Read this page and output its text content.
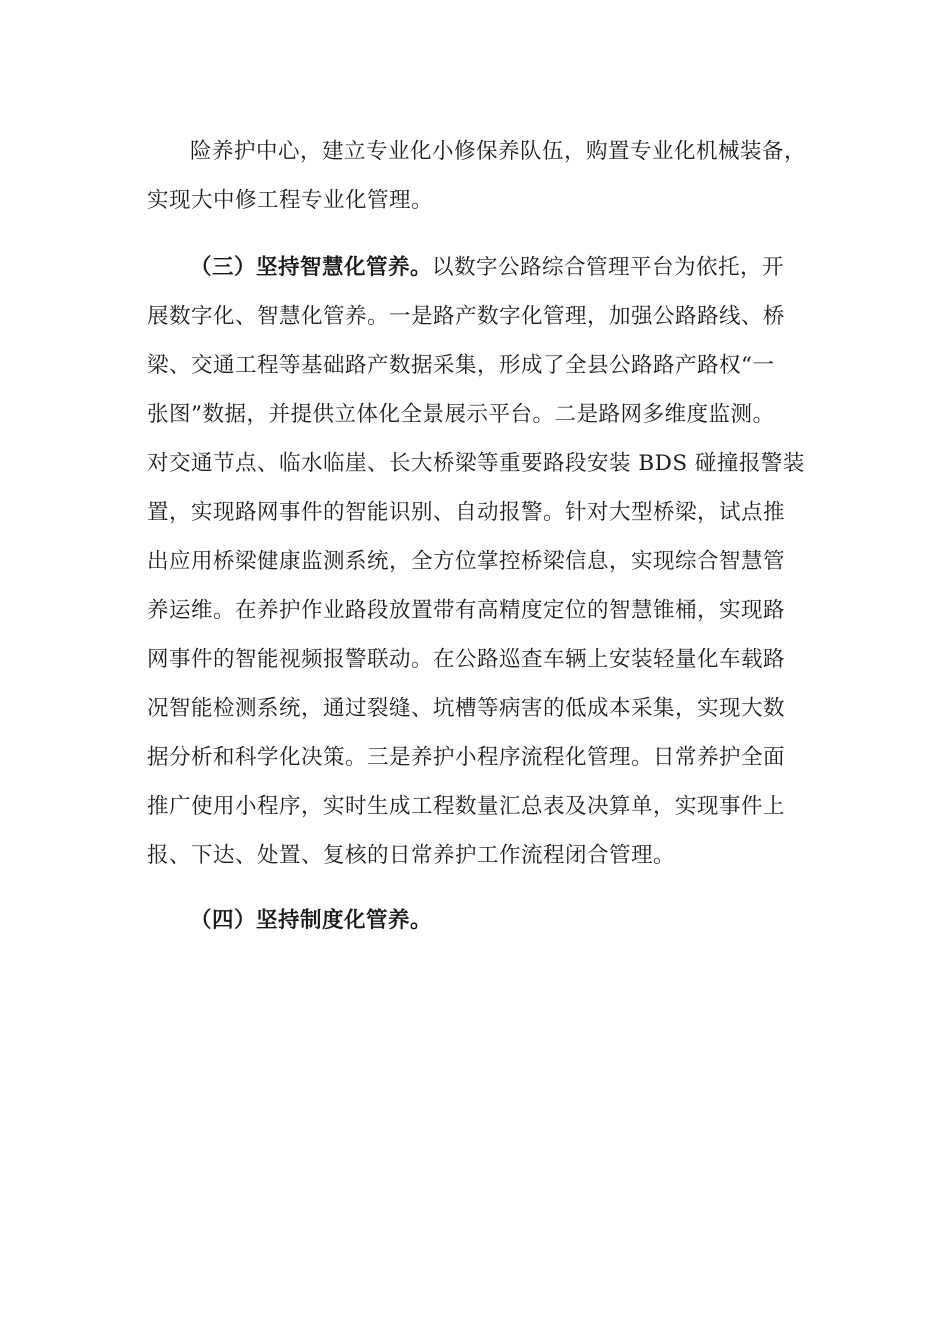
险养护中心，建立专业化小修保养队伍，购置专业化机械装备，
实现大中修工程专业化管理。
（三）坚持智慧化管养。以数字公路综合管理平台为依托，开
展数字化、智慧化管养。一是路产数字化管理，加强公路路线、桥
梁、交通工程等基础路产数据采集，形成了全县公路路产路权“一
张图”数据，并提供立体化全景展示平台。二是路网多维度监测。
对交通节点、临水临崖、长大桥梁等重要路段安装 BDS 碰撞报警装
置，实现路网事件的智能识别、自动报警。针对大型桥梁，试点推
出应用桥梁健康监测系统，全方位掌控桥梁信息，实现综合智慧管
养运维。在养护作业路段放置带有高精度定位的智慧锥桶，实现路
网事件的智能视频报警联动。在公路巡查车辆上安装轻量化车载路
况智能检测系统，通过裂缝、坑槽等病害的低成本采集，实现大数
据分析和科学化决策。三是养护小程序流程化管理。日常养护全面
推广使用小程序，实时生成工程数量汇总表及决算单，实现事件上
报、下达、处置、复核的日常养护工作流程闭合管理。
（四）坚持制度化管养。
